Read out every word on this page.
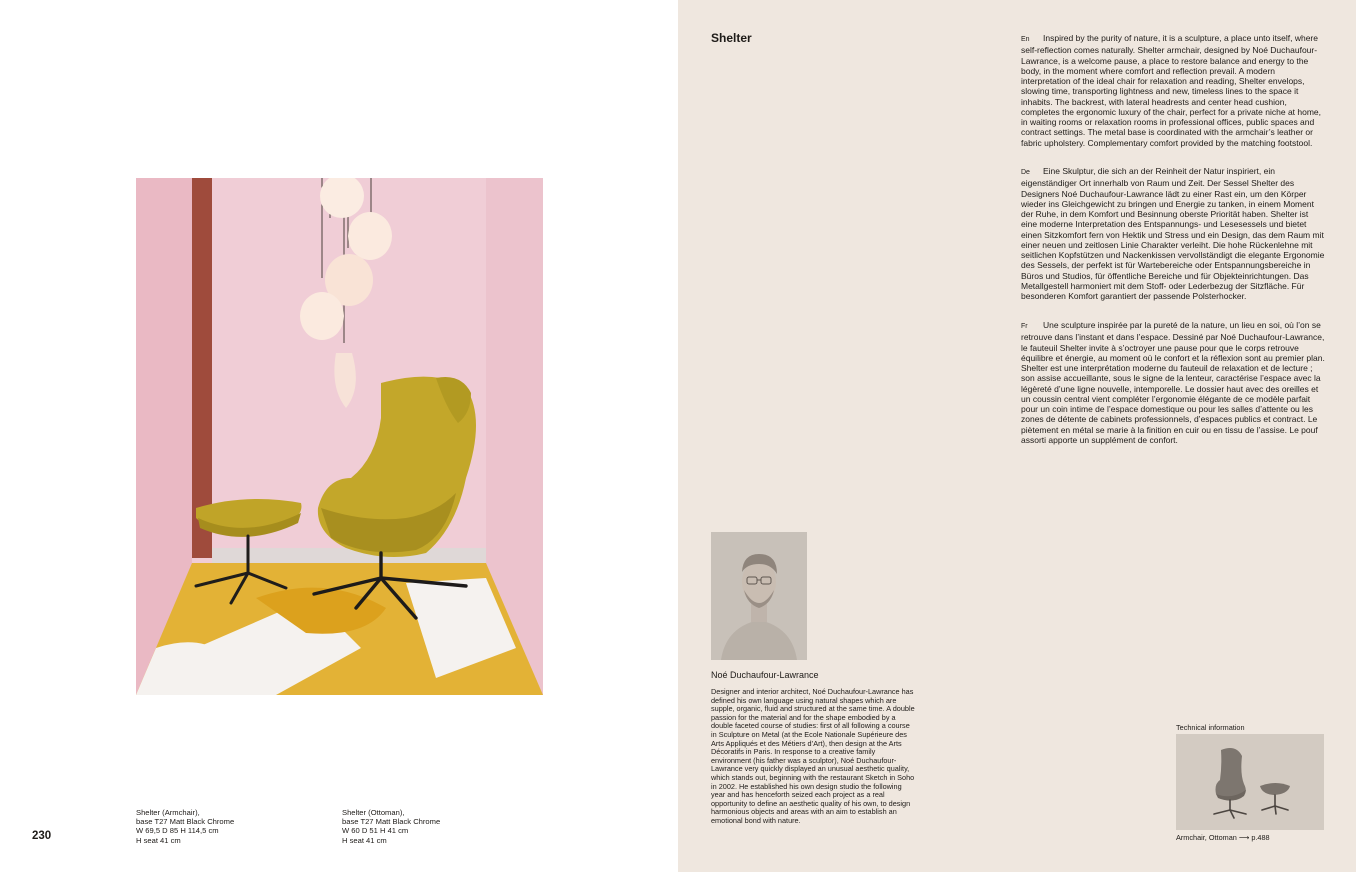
Shelter (Armchair),
base T27 Matt Black Chrome
W 69,5 D 85 H 114,5 cm
H seat 41 cm
Shelter (Ottoman),
base T27 Matt Black Chrome
W 60 D 51 H 41 cm
H seat 41 cm
230
Shelter	En Inspired by the purity of nature, it is a sculpture, a place unto itself, where self-reflection comes naturally. Shelter armchair, designed by Noé Duchaufour-Lawrance, is a welcome pause, a place to restore balance and energy to the body, in the moment where comfort and reflection prevail. A modern interpretation of the ideal chair for relaxation and reading, Shelter envelops, slowing time, transporting lightness and new, timeless lines to the space it inhabits. The backrest, with lateral headrests and center head cushion, completes the ergonomic luxury of the chair, perfect for a private niche at home, in waiting rooms or relaxation rooms in professional offices, public spaces and contract settings. The metal base is coordinated with the armchair’s leather or fabric upholstery. Complementary comfort provided by the matching footstool.

De Eine Skulptur, die sich an der Reinheit der Natur inspiriert, ein eigenständiger Ort innerhalb von Raum und Zeit. Der Sessel Shelter des Designers Noé Duchaufour-Lawrance lädt zu einer Rast ein, um den Körper wieder ins Gleichgewicht zu bringen und Energie zu tanken, in einem Moment der Ruhe, in dem Komfort und Besinnung oberste Priorität haben. Shelter ist eine moderne Interpretation des Entspannungs- und Lesesessels und bietet einen Sitzkomfort fern von Hektik und Stress und ein Design, das dem Raum mit einer neuen und zeitlosen Linie Charakter verleiht. Die hohe Rückenlehne mit seitlichen Kopfstützen und Nackenkissen vervollständigt die elegante Ergonomie des Sessels, der perfekt ist für Wartebereiche oder Entspannungsbereiche in Büros und Studios, für öffentliche Bereiche und für Objekteinrichtungen. Das Metallgestell harmoniert mit dem Stoff- oder Lederbezug der Sitzfläche. Für besonderen Komfort garantiert der passende Polsterhocker.

Fr Une sculpture inspirée par la pureté de la nature, un lieu en soi, où l’on se retrouve dans l’instant et dans l’espace. Dessiné par Noé Duchaufour-Lawrance, le fauteuil Shelter invite à s’octroyer une pause pour que le corps retrouve équilibre et énergie, au moment où le confort et la réflexion sont au premier plan. Shelter est une interprétation moderne du fauteuil de relaxation et de lecture ; son assise accueillante, sous le signe de la lenteur, caractérise l’espace avec la légèreté d’une ligne nouvelle, intemporelle. Le dossier haut avec des oreilles et un coussin central vient compléter l’ergonomie élégante de ce modèle parfait pour un coin intime de l’espace domestique ou pour les salles d’attente ou les zones de détente de cabinets professionnels, d’espaces publics et contract. Le piètement en métal se marie à la finition en cuir ou en tissu de l’assise. Le pouf assorti apporte un supplément de confort.

Noé Duchaufour-Lawrance

Designer and interior architect, Noé Duchaufour-Lawrance has defined his own language using natural shapes which are supple, organic, fluid and structured at the same time. A double passion for the material and for the shape embodied by a double faceted course of studies: first of all following a course in Sculpture on Metal (at the Ecole Nationale Supérieure des Arts Appliqués et des Métiers d’Art), then design at the Arts Décoratifs in Paris. In response to a creative family environment (his father was a sculptor), Noé Duchaufour-Lawrance very quickly displayed an unusual aesthetic quality, which stands out, beginning with the restaurant Sketch in Soho in 2002. He established his own design studio the following year and has henceforth seized each project as a real opportunity to define an aesthetic quality of his own, to design harmonious objects and areas with an aim to establish an emotional bond with nature.

Technical information
Armchair, Ottoman ⟶ p.488
